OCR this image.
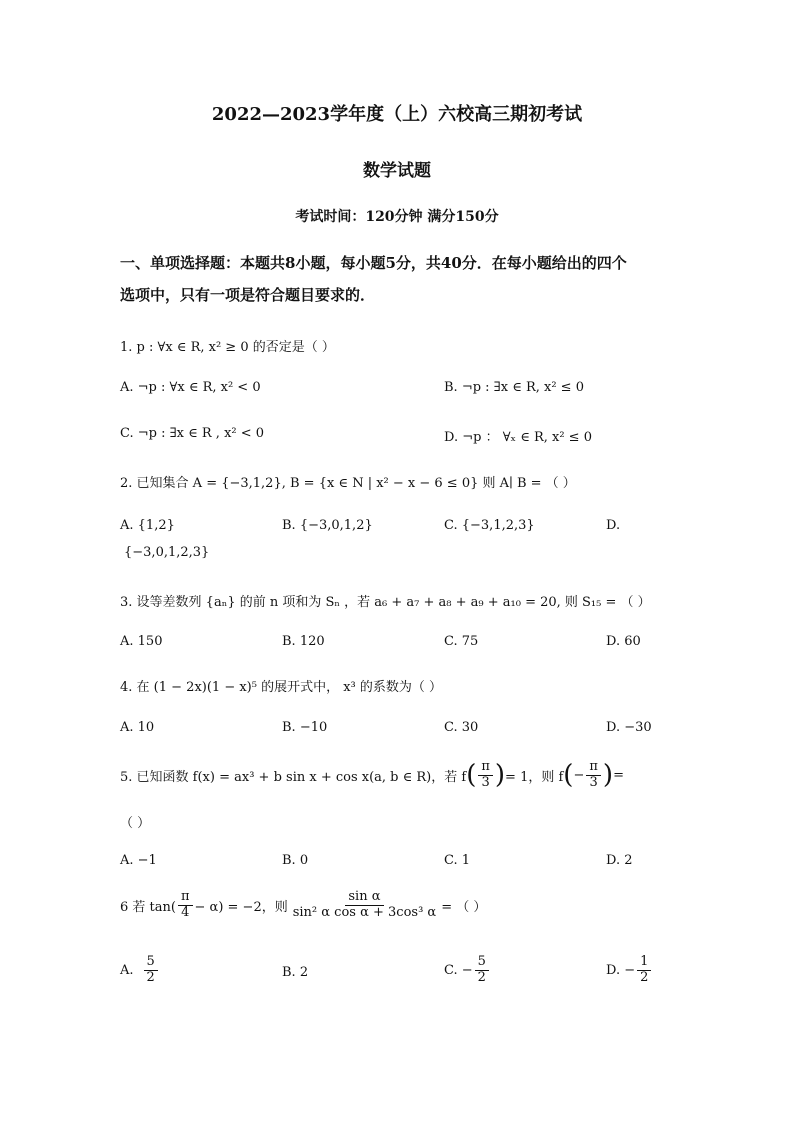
2022—2023学年度（上）六校高三期初考试
数学试题
考试时间：120分钟 满分150分
一、单项选择题：本题共8小题，每小题5分，共40分．在每小题给出的四个
选项中，只有一项是符合题目要求的．
1. p : ∀x ∈ R, x² ≥ 0 的否定是（ ）
A. ¬p : ∀x ∈ R, x² < 0	B. ¬p : ∃x ∈ R, x² ≤ 0
C. ¬p : ∃x ∈ R , x² < 0	D. ¬p ： ∀ₓ ∈ R, x² ≤ 0
2. 已知集合 A = {−3,1,2}, B = {x ∈ N | x² − x − 6 ≤ 0} 则 A∣ B = （ ）
A. {1,2}	B. {−3,0,1,2}	C. {−3,1,2,3}	D.
{−3,0,1,2,3}
3. 设等差数列 {aₙ} 的前 n 项和为 Sₙ ，若 a₆ + a₇ + a₈ + a₉ + a₁₀ = 20, 则 S₁₅ = （ ）
A. 150	B. 120	C. 75	D. 60
4. 在 (1 − 2x)(1 − x)⁵ 的展开式中， x³ 的系数为（ ）
A. 10	B. −10	C. 30	D. −30
5. 已知函数 f(x) = ax³ + b sin x + cos x(a, b ∈ R)，若 f ( $\frac{\pi}{3}$ ) = 1，则 f ( − $\frac{\pi}{3}$ ) =
（ ）
A. −1	B. 0	C. 1	D. 2
6 若 $\tan( \frac{\pi}{4} - \alpha) = -2$，则 $\frac{\text{sin α}}{\text{sin² α cos α + 3cos³ α}}$ = （ ）
A. $\frac{5}{2}$	B. 2	C. − $\frac{5}{2}$	D. − $\frac{1}{2}$
